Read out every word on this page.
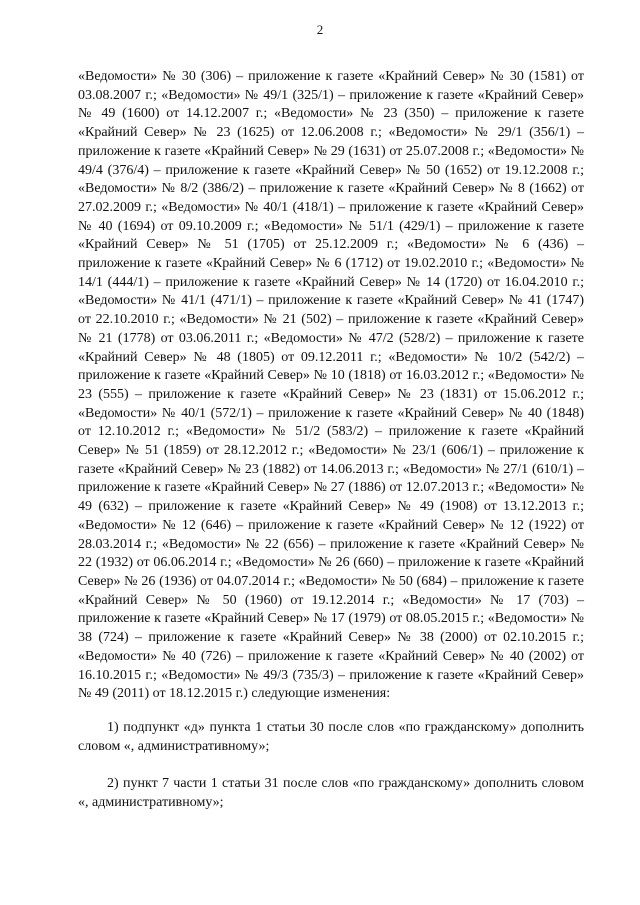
2

«Ведомости» № 30 (306) – приложение к газете «Крайний Север» № 30 (1581) от 03.08.2007 г.; «Ведомости» № 49/1 (325/1) – приложение к газете «Крайний Север» № 49 (1600) от 14.12.2007 г.; «Ведомости» № 23 (350) – приложение к газете «Крайний Север» № 23 (1625) от 12.06.2008 г.; «Ведомости» № 29/1 (356/1) – приложение к газете «Крайний Север» № 29 (1631) от 25.07.2008 г.; «Ведомости» № 49/4 (376/4) – приложение к газете «Крайний Север» № 50 (1652) от 19.12.2008 г.; «Ведомости» № 8/2 (386/2) – приложение к газете «Крайний Север» № 8 (1662) от 27.02.2009 г.; «Ведомости» № 40/1 (418/1) – приложение к газете «Крайний Север» № 40 (1694) от 09.10.2009 г.; «Ведомости» № 51/1 (429/1) – приложение к газете «Крайний Север» № 51 (1705) от 25.12.2009 г.; «Ведомости» № 6 (436) – приложение к газете «Крайний Север» № 6 (1712) от 19.02.2010 г.; «Ведомости» № 14/1 (444/1) – приложение к газете «Крайний Север» № 14 (1720) от 16.04.2010 г.; «Ведомости» № 41/1 (471/1) – приложение к газете «Крайний Север» № 41 (1747) от 22.10.2010 г.; «Ведомости» № 21 (502) – приложение к газете «Крайний Север» № 21 (1778) от 03.06.2011 г.; «Ведомости» № 47/2 (528/2) – приложение к газете «Крайний Север» № 48 (1805) от 09.12.2011 г.; «Ведомости» № 10/2 (542/2) – приложение к газете «Крайний Север» № 10 (1818) от 16.03.2012 г.; «Ведомости» № 23 (555) – приложение к газете «Крайний Север» № 23 (1831) от 15.06.2012 г.; «Ведомости» № 40/1 (572/1) – приложение к газете «Крайний Север» № 40 (1848) от 12.10.2012 г.; «Ведомости» № 51/2 (583/2) – приложение к газете «Крайний Север» № 51 (1859) от 28.12.2012 г.; «Ведомости» № 23/1 (606/1) – приложение к газете «Крайний Север» № 23 (1882) от 14.06.2013 г.; «Ведомости» № 27/1 (610/1) – приложение к газете «Крайний Север» № 27 (1886) от 12.07.2013 г.; «Ведомости» № 49 (632) – приложение к газете «Крайний Север» № 49 (1908) от 13.12.2013 г.; «Ведомости» № 12 (646) – приложение к газете «Крайний Север» № 12 (1922) от 28.03.2014 г.; «Ведомости» № 22 (656) – приложение к газете «Крайний Север» № 22 (1932) от 06.06.2014 г.; «Ведомости» № 26 (660) – приложение к газете «Крайний Север» № 26 (1936) от 04.07.2014 г.; «Ведомости» № 50 (684) – приложение к газете «Крайний Север» № 50 (1960) от 19.12.2014 г.; «Ведомости» № 17 (703) – приложение к газете «Крайний Север» № 17 (1979) от 08.05.2015 г.; «Ведомости» № 38 (724) – приложение к газете «Крайний Север» № 38 (2000) от 02.10.2015 г.; «Ведомости» № 40 (726) – приложение к газете «Крайний Север» № 40 (2002) от 16.10.2015 г.; «Ведомости» № 49/3 (735/3) – приложение к газете «Крайний Север» № 49 (2011) от 18.12.2015 г.) следующие изменения:

1) подпункт «д» пункта 1 статьи 30 после слов «по гражданскому» дополнить словом «, административному»;

2) пункт 7 части 1 статьи 31 после слов «по гражданскому» дополнить словом «, административному»;
